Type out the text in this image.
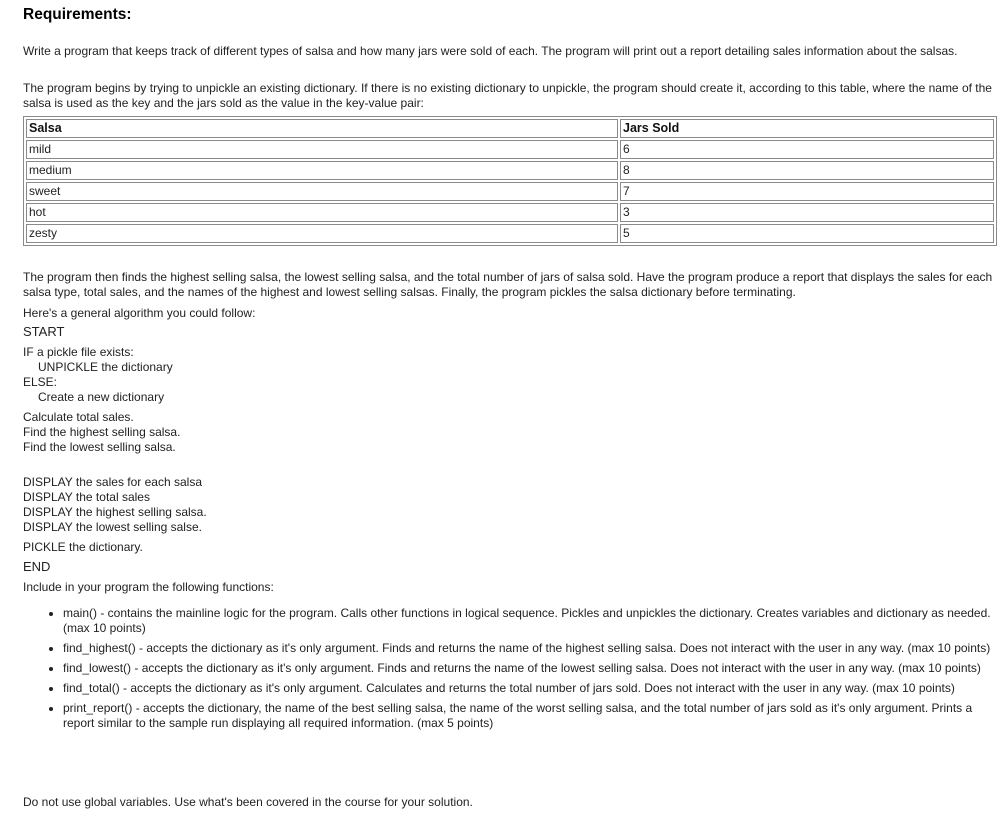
Requirements:
Write a program that keeps track of different types of salsa and how many jars were sold of each. The program will print out a report detailing sales information about the salsas.
The program begins by trying to unpickle an existing dictionary. If there is no existing dictionary to unpickle, the program should create it, according to this table, where the name of the salsa is used as the key and the jars sold as the value in the key-value pair:
Salsa	Jars Sold
mild	6
medium	8
sweet	7
hot	3
zesty	5
The program then finds the highest selling salsa, the lowest selling salsa, and the total number of jars of salsa sold. Have the program produce a report that displays the sales for each salsa type, total sales, and the names of the highest and lowest selling salsas. Finally, the program pickles the salsa dictionary before terminating.
Here's a general algorithm you could follow:
START
IF a pickle file exists:
UNPICKLE the dictionary
ELSE:
Create a new dictionary
Calculate total sales.
Find the highest selling salsa.
Find the lowest selling salsa.
DISPLAY the sales for each salsa
DISPLAY the total sales
DISPLAY the highest selling salsa.
DISPLAY the lowest selling salse.
PICKLE the dictionary.
END
Include in your program the following functions:
• main() - contains the mainline logic for the program. Calls other functions in logical sequence. Pickles and unpickles the dictionary. Creates variables and dictionary as needed. (max 10 points)
• find_highest() - accepts the dictionary as it's only argument. Finds and returns the name of the highest selling salsa. Does not interact with the user in any way. (max 10 points)
• find_lowest() - accepts the dictionary as it's only argument. Finds and returns the name of the lowest selling salsa. Does not interact with the user in any way. (max 10 points)
• find_total() - accepts the dictionary as it's only argument. Calculates and returns the total number of jars sold. Does not interact with the user in any way. (max 10 points)
• print_report() - accepts the dictionary, the name of the best selling salsa, the name of the worst selling salsa, and the total number of jars sold as it's only argument. Prints a report similar to the sample run displaying all required information. (max 5 points)
Do not use global variables. Use what's been covered in the course for your solution.
